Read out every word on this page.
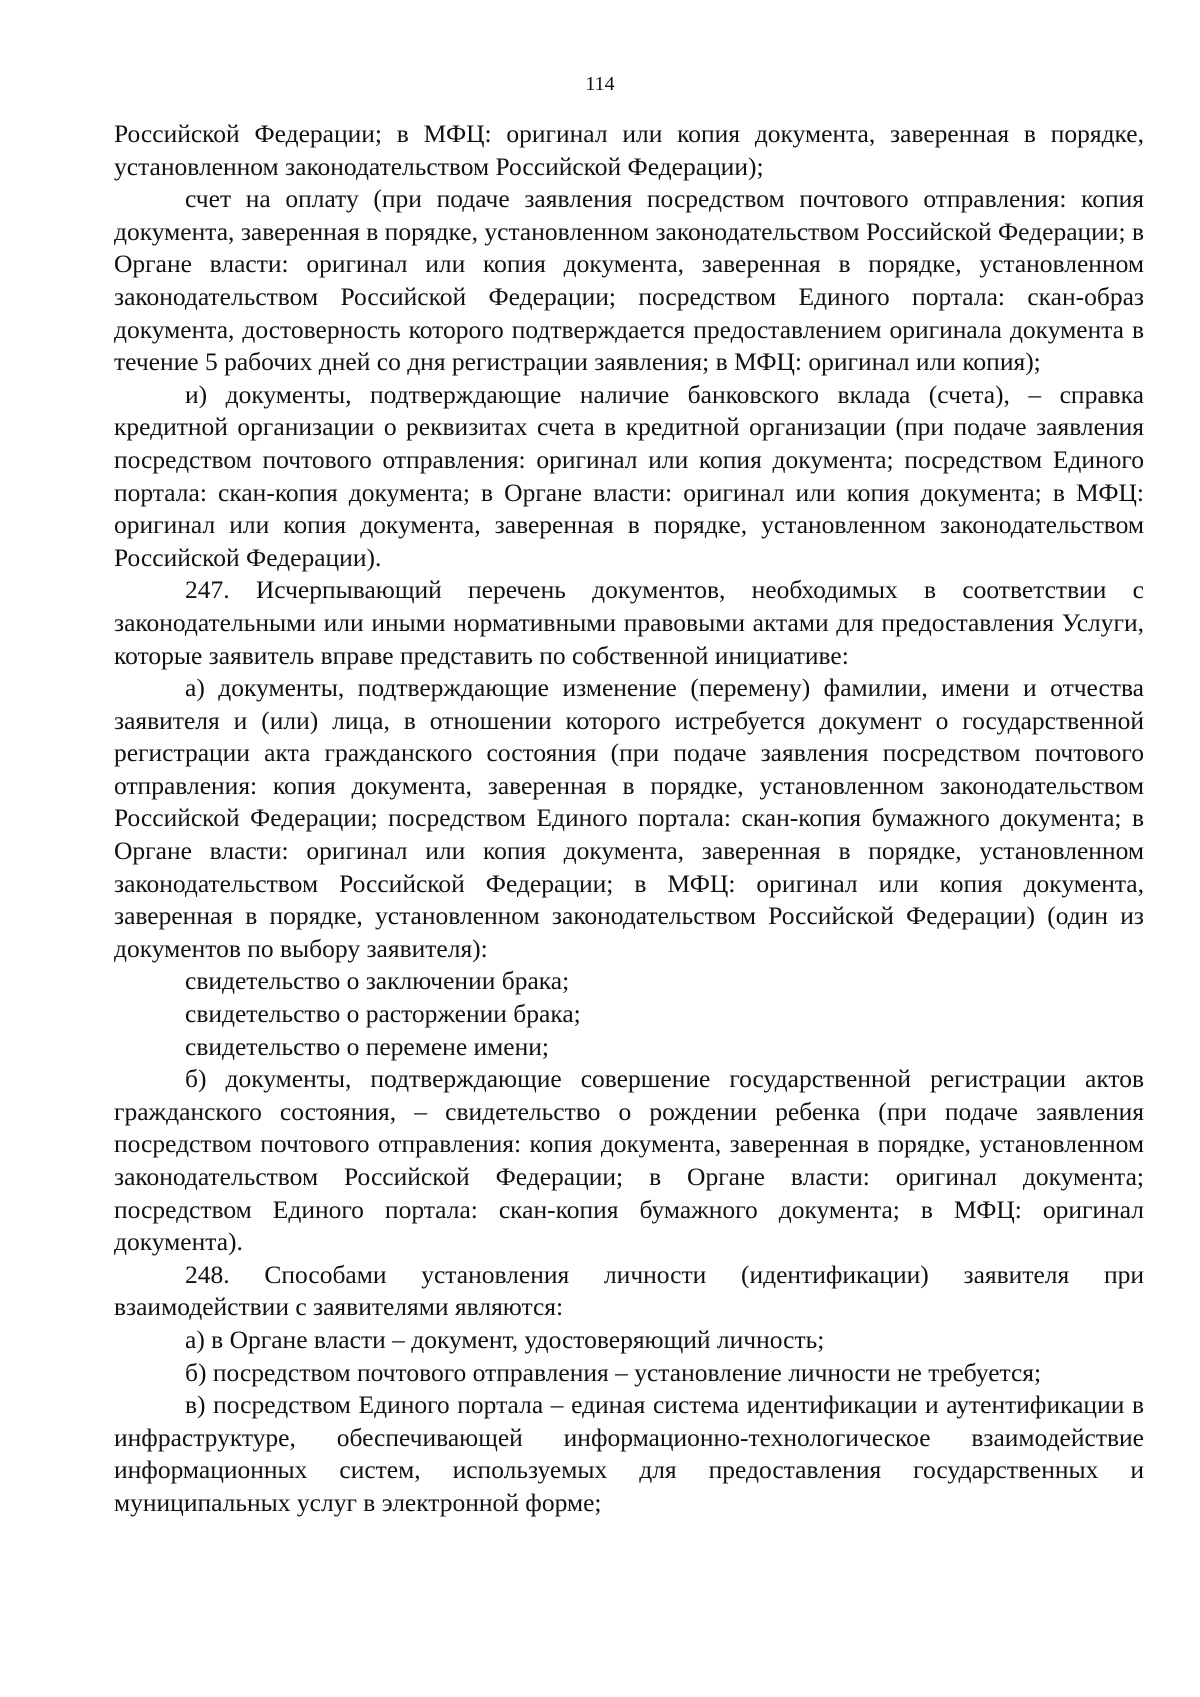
114

Российской Федерации; в МФЦ: оригинал или копия документа, заверенная в порядке, установленном законодательством Российской Федерации);

счет на оплату (при подаче заявления посредством почтового отправления: копия документа, заверенная в порядке, установленном законодательством Российской Федерации; в Органе власти: оригинал или копия документа, заверенная в порядке, установленном законодательством Российской Федерации; посредством Единого портала: скан-образ документа, достоверность которого подтверждается предоставлением оригинала документа в течение 5 рабочих дней со дня регистрации заявления; в МФЦ: оригинал или копия);

и) документы, подтверждающие наличие банковского вклада (счета), – справка кредитной организации о реквизитах счета в кредитной организации (при подаче заявления посредством почтового отправления: оригинал или копия документа; посредством Единого портала: скан-копия документа; в Органе власти: оригинал или копия документа; в МФЦ: оригинал или копия документа, заверенная в порядке, установленном законодательством Российской Федерации).

247. Исчерпывающий перечень документов, необходимых в соответствии с законодательными или иными нормативными правовыми актами для предоставления Услуги, которые заявитель вправе представить по собственной инициативе:

а) документы, подтверждающие изменение (перемену) фамилии, имени и отчества заявителя и (или) лица, в отношении которого истребуется документ о государственной регистрации акта гражданского состояния (при подаче заявления посредством почтового отправления: копия документа, заверенная в порядке, установленном законодательством Российской Федерации; посредством Единого портала: скан-копия бумажного документа; в Органе власти: оригинал или копия документа, заверенная в порядке, установленном законодательством Российской Федерации; в МФЦ: оригинал или копия документа, заверенная в порядке, установленном законодательством Российской Федерации) (один из документов по выбору заявителя):

свидетельство о заключении брака;

свидетельство о расторжении брака;

свидетельство о перемене имени;

б) документы, подтверждающие совершение государственной регистрации актов гражданского состояния, – свидетельство о рождении ребенка (при подаче заявления посредством почтового отправления: копия документа, заверенная в порядке, установленном законодательством Российской Федерации; в Органе власти: оригинал документа; посредством Единого портала: скан-копия бумажного документа; в МФЦ: оригинал документа).

248. Способами установления личности (идентификации) заявителя при взаимодействии с заявителями являются:

а) в Органе власти – документ, удостоверяющий личность;

б) посредством почтового отправления – установление личности не требуется;

в) посредством Единого портала – единая система идентификации и аутентификации в инфраструктуре, обеспечивающей информационно-технологическое взаимодействие информационных систем, используемых для предоставления государственных и муниципальных услуг в электронной форме;
